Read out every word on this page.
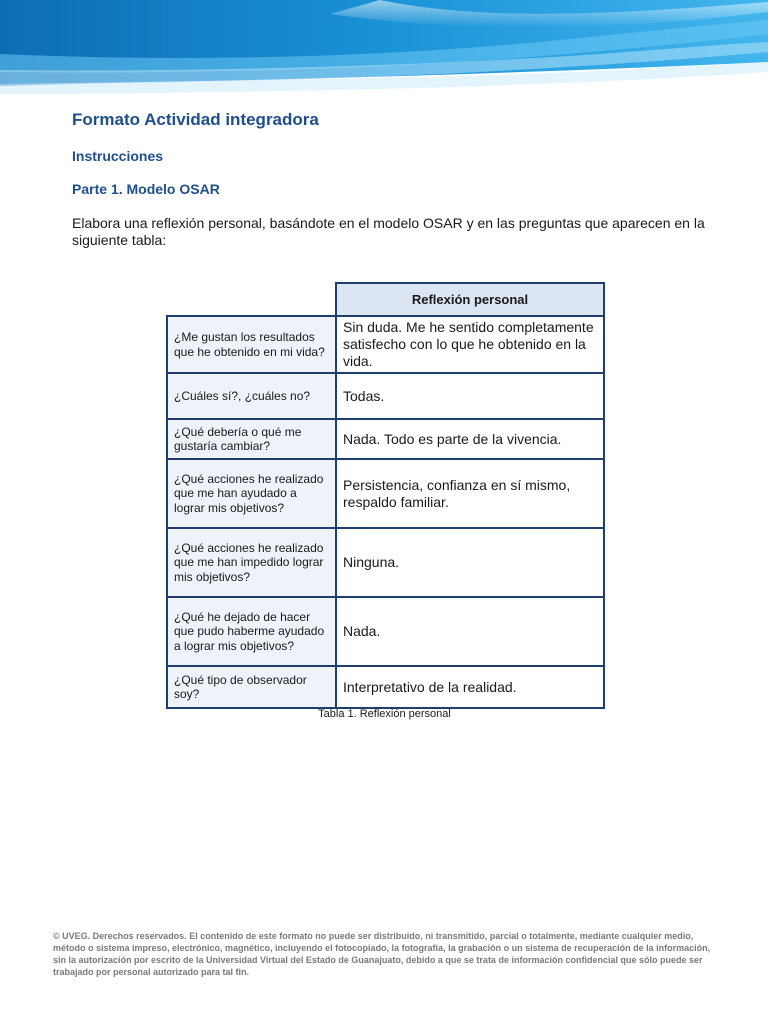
Formato Actividad integradora
Instrucciones
Parte 1. Modelo OSAR
Elabora una reflexión personal, basándote en el modelo OSAR y en las preguntas que aparecen en la siguiente tabla:
	Reflexión personal
¿Me gustan los resultados que he obtenido en mi vida?	Sin duda. Me he sentido completamente satisfecho con lo que he obtenido en la vida.
¿Cuáles sí?, ¿cuáles no?	Todas.
¿Qué debería o qué me gustaría cambiar?	Nada. Todo es parte de la vivencia.
¿Qué acciones he realizado que me han ayudado a lograr mis objetivos?	Persistencia, confianza en sí mismo, respaldo familiar.
¿Qué acciones he realizado que me han impedido lograr mis objetivos?	Ninguna.
¿Qué he dejado de hacer que pudo haberme ayudado a lograr mis objetivos?	Nada.
¿Qué tipo de observador soy?	Interpretativo de la realidad.
Tabla 1. Reflexión personal
© UVEG. Derechos reservados. El contenido de este formato no puede ser distribuido, ni transmitido, parcial o totalmente, mediante cualquier medio, método o sistema impreso, electrónico, magnético, incluyendo el fotocopiado, la fotografía, la grabación o un sistema de recuperación de la información, sin la autorización por escrito de la Universidad Virtual del Estado de Guanajuato, debido a que se trata de información confidencial que sólo puede ser trabajado por personal autorizado para tal fin.
